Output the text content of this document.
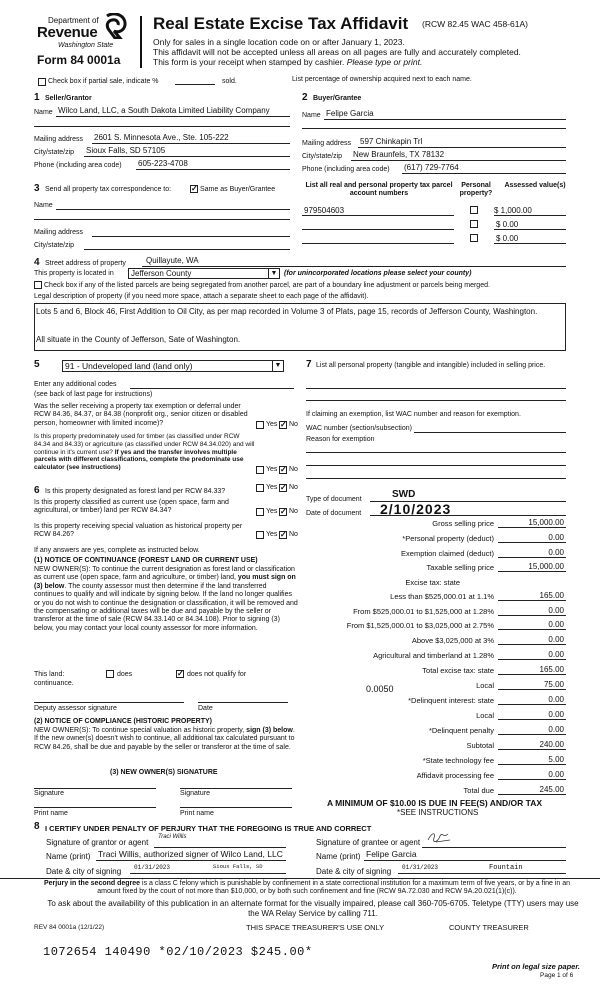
Department of
Revenue
Washington State
Form 84 0001a
Real Estate Excise Tax Affidavit (RCW 82.45 WAC 458-61A)
Only for sales in a single location code on or after January 1, 2023.
This affidavit will not be accepted unless all areas on all pages are fully and accurately completed.
This form is your receipt when stamped by cashier. Please type or print.
Check box if partial sale, indicate %	sold.	List percentage of ownership acquired next to each name.
1 Seller/Grantor
Name Wilco Land, LLC, a South Dakota Limited Liability Company
Mailing address 2601 S. Minnesota Ave., Ste. 105-222
City/state/zip Sioux Falls, SD 57105
Phone (including area code) 605-223-4708
2 Buyer/Grantee
Name Felipe Garcia
Mailing address 597 Chinkapin Trl
City/state/zip New Braunfels, TX 78132
Phone (including area code) (617) 729-7764
3 Send all property tax correspondence to: ✓ Same as Buyer/Grantee
Name
Mailing address
City/state/zip
List all real and personal property tax parcel account numbers
Personal property?
Assessed value(s)
979504603	$ 1,000.00
$ 0.00
$ 0.00
4 Street address of property	Quillayute, WA
This property is located in Jefferson County	▼ (for unincorporated locations please select your county)
Check box if any of the listed parcels are being segregated from another parcel, are part of a boundary line adjustment or parcels being merged.
Legal description of property (if you need more space, attach a separate sheet to each page of the affidavit).
Lots 5 and 6, Block 46, First Addition to Oil City, as per map recorded in Volume 3 of Plats, page 15, records of Jefferson County, Washington.
All situate in the County of Jefferson, Sate of Washington.
5	91 - Undeveloped land (land only)	▼
Enter any additional codes
(see back of last page for instructions)
Was the seller receiving a property tax exemption or deferral under RCW 84.36, 84.37, or 84.38 (nonprofit org., senior citizen or disabled person, homeowner with limited income)?	Yes ✓ No
Is this property predominately used for timber (as classified under RCW 84.34 and 84.33) or agriculture (as classified under RCW 84.34.020) and will continue in it's current use? If yes and the transfer involves multiple parcels with different classifications, complete the predominate use calculator (see instructions)	Yes ✓ No
6 Is this property designated as forest land per RCW 84.33?
Yes ✓ No
Is this property classified as current use (open space, farm and agricultural, or timber) land per RCW 84.34?	Yes ✓ No
Is this property receiving special valuation as historical property per RCW 84.26?	Yes ✓ No
If any answers are yes, complete as instructed below.
(1) NOTICE OF CONTINUANCE (FOREST LAND OR CURRENT USE)
NEW OWNER(S): To continue the current designation as forest land or classification as current use (open space, farm and agriculture, or timber) land, you must sign on (3) below. The county assessor must then determine if the land transferred continues to qualify and will indicate by signing below. If the land no longer qualifies or you do not wish to continue the designation or classification, it will be removed and the compensating or additional taxes will be due and payable by the seller or transferor at the time of sale (RCW 84.33.140 or 84.34.108). Prior to signing (3) below, you may contact your local county assessor for more information.
This land:	does	✓ does not qualify for
continuance.
Deputy assessor signature	Date
(2) NOTICE OF COMPLIANCE (HISTORIC PROPERTY)
NEW OWNER(S): To continue special valuation as historic property, sign (3) below. If the new owner(s) doesn't wish to continue, all additional tax calculated pursuant to RCW 84.26, shall be due and payable by the seller or transferor at the time of sale.
(3) NEW OWNER(S) SIGNATURE
Signature	Signature
Print name	Print name
7 List all personal property (tangible and intangible) included in selling price.
If claiming an exemption, list WAC number and reason for exemption.
WAC number (section/subsection)
Reason for exemption
Type of document	SWD
Date of document 2/10/2023
Gross selling price	15,000.00
*Personal property (deduct)	0.00
Exemption claimed (deduct)	0.00
Taxable selling price	15,000.00
Excise tax: state
Less than $525,000.01 at 1.1%	165.00
From $525,000.01 to $1,525,000 at 1.28%	0.00
From $1,525,000.01 to $3,025,000 at 2.75%	0.00
Above $3,025,000 at 3%	0.00
Agricultural and timberland at 1.28%	0.00
Total excise tax: state	165.00
Local	75.00
*Delinquent interest: state	0.00
Local	0.00
*Delinquent penalty	0.00
Subtotal	240.00
*State technology fee	5.00
Affidavit processing fee	0.00
Total due	245.00
0.0050
A MINIMUM OF $10.00 IS DUE IN FEE(S) AND/OR TAX
*SEE INSTRUCTIONS
8 I CERTIFY UNDER PENALTY OF PERJURY THAT THE FOREGOING IS TRUE AND CORRECT
Signature of grantor or agent
Traci Willis
Name (print) Traci Willis, authorized signer of Wilco Land, LLC
Date & city of signing 01/31/2023	Sioux Falls, SD
Signature of grantee or agent
Name (print) Felipe Garcia
Date & city of signing 01/31/2023	Fountain
Perjury in the second degree is a class C felony which is punishable by confinement in a state correctional institution for a maximum term of five years, or by a fine in an amount fixed by the court of not more than $10,000, or by both such confinement and fine (RCW 9A.72.030 and RCW 9A.20.021(1)(c)).
To ask about the availability of this publication in an alternate format for the visually impaired, please call 360-705-6705. Teletype (TTY) users may use the WA Relay Service by calling 711.
REV 84 0001a (12/1/22)	THIS SPACE TREASURER'S USE ONLY	COUNTY TREASURER
1072654 140490 *02/10/2023 $245.00*
Print on legal size paper.
Page 1 of 6
